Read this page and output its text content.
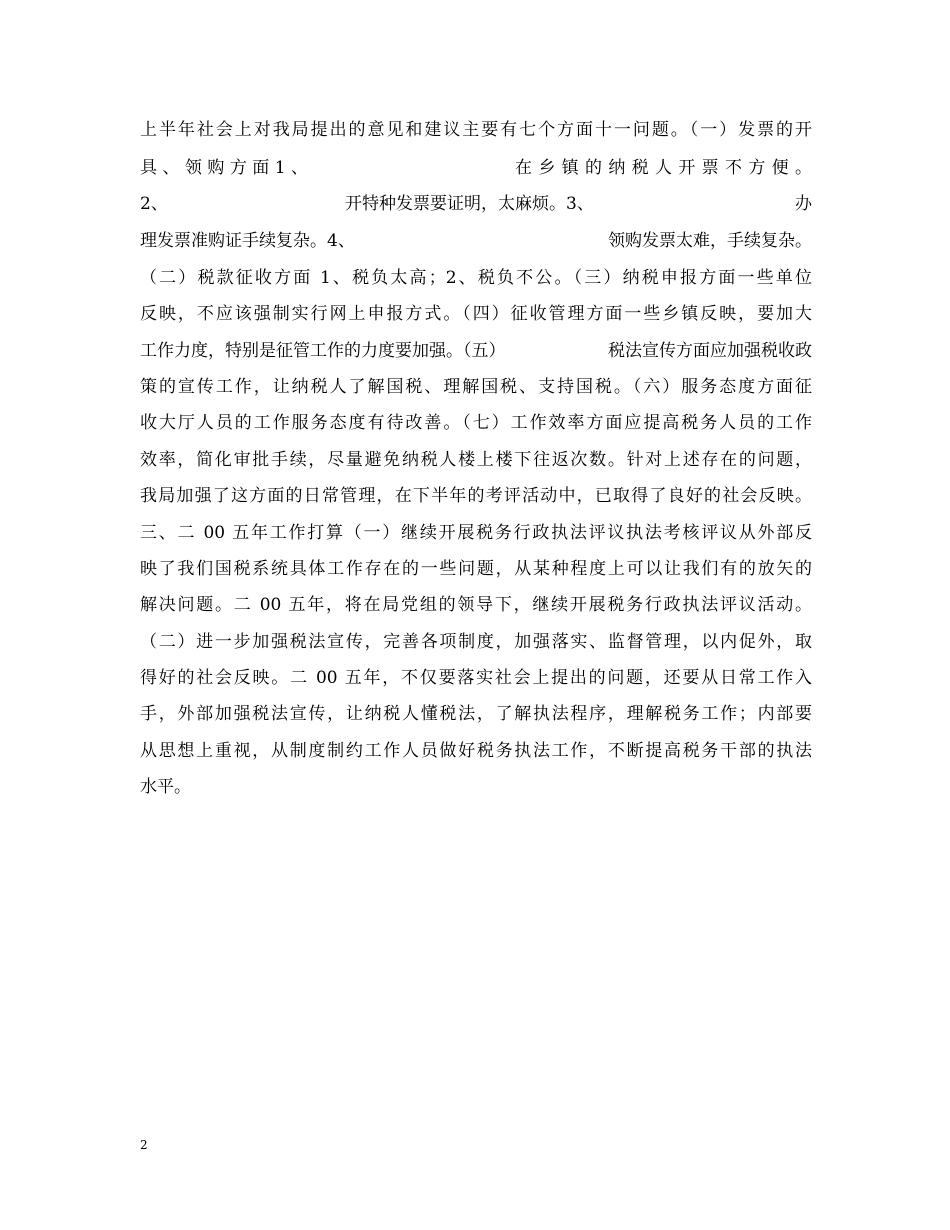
上半年社会上对我局提出的意见和建议主要有七个方面十一问题。（一）发票的开
具 、 领 购 方 面 1 、	在 乡 镇 的 纳 税 人 开 票 不 方 便 。
2、	开特种发票要证明，太麻烦。3、	办
理发票准购证手续复杂。4、	领购发票太难，手续复杂。
（二）税款征收方面 1、税负太高；2、税负不公。（三）纳税申报方面一些单位
反映，不应该强制实行网上申报方式。（四）征收管理方面一些乡镇反映，要加大
工作力度，特别是征管工作的力度要加强。（五）	税法宣传方面应加强税收政
策的宣传工作，让纳税人了解国税、理解国税、支持国税。（六）服务态度方面征
收大厅人员的工作服务态度有待改善。（七）工作效率方面应提高税务人员的工作
效率，简化审批手续，尽量避免纳税人楼上楼下往返次数。针对上述存在的问题，
我局加强了这方面的日常管理，在下半年的考评活动中，已取得了良好的社会反映。
三、二 00 五年工作打算（一）继续开展税务行政执法评议执法考核评议从外部反
映了我们国税系统具体工作存在的一些问题，从某种程度上可以让我们有的放矢的
解决问题。二 00 五年，将在局党组的领导下，继续开展税务行政执法评议活动。
（二）进一步加强税法宣传，完善各项制度，加强落实、监督管理，以内促外，取
得好的社会反映。二 00 五年，不仅要落实社会上提出的问题，还要从日常工作入
手，外部加强税法宣传，让纳税人懂税法，了解执法程序，理解税务工作；内部要
从思想上重视，从制度制约工作人员做好税务执法工作，不断提高税务干部的执法
水平。
2
